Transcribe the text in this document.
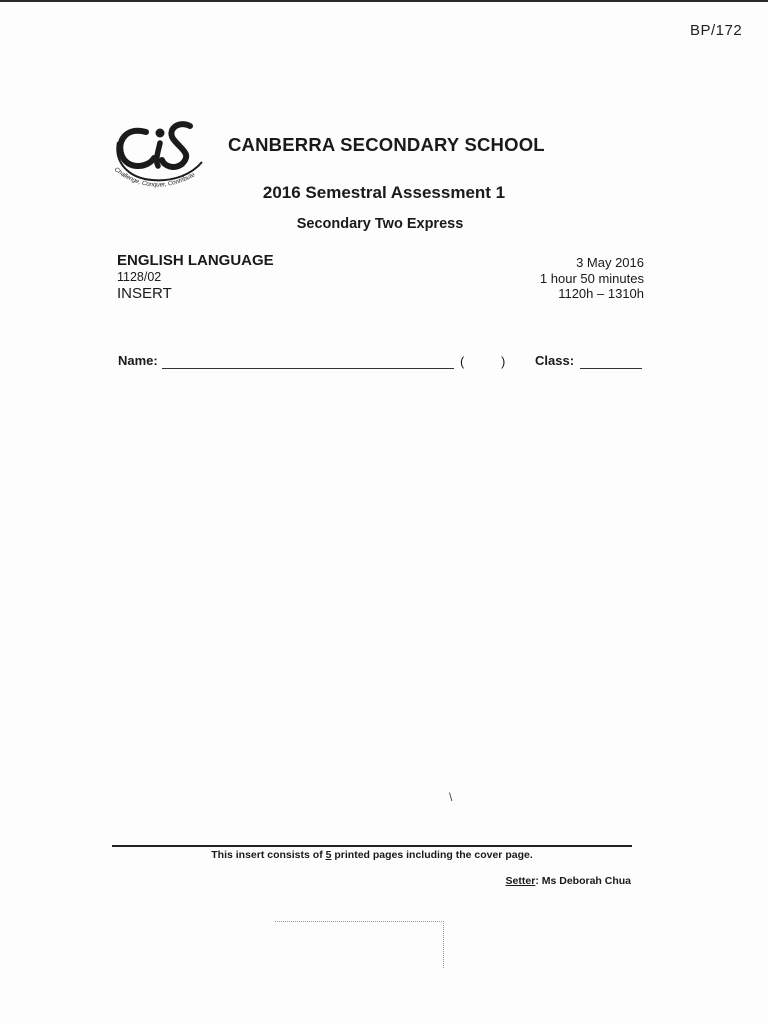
BP/172
Challenge, Conquer, Contribute
CANBERRA SECONDARY SCHOOL
2016 Semestral Assessment 1
Secondary Two Express
ENGLISH LANGUAGE
1128/02
INSERT
3 May 2016
1 hour 50 minutes
1120h – 1310h
Name:	(	) Class:
\
This insert consists of 5 printed pages including the cover page.
Setter: Ms Deborah Chua
